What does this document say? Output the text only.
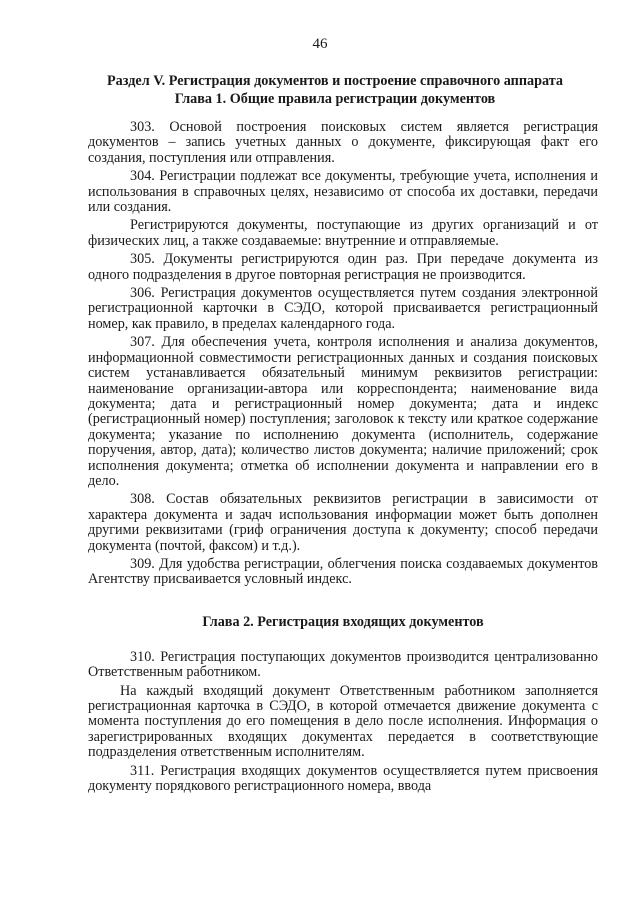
46
Раздел V. Регистрация документов и построение справочного аппарата
Глава 1. Общие правила регистрации документов

303. Основой построения поисковых систем является регистрация документов – запись учетных данных о документе, фиксирующая факт его создания, поступления или отправления.

304. Регистрации подлежат все документы, требующие учета, исполнения и использования в справочных целях, независимо от способа их доставки, передачи или создания.

Регистрируются документы, поступающие из других организаций и от физических лиц, а также создаваемые: внутренние и отправляемые.

305. Документы регистрируются один раз. При передаче документа из одного подразделения в другое повторная регистрация не производится.

306. Регистрация документов осуществляется путем создания электронной регистрационной карточки в СЭДО, которой присваивается регистрационный номер, как правило, в пределах календарного года.

307. Для обеспечения учета, контроля исполнения и анализа документов, информационной совместимости регистрационных данных и создания поисковых систем устанавливается обязательный минимум реквизитов регистрации: наименование организации-автора или корреспондента; наименование вида документа; дата и регистрационный номер документа; дата и индекс (регистрационный номер) поступления; заголовок к тексту или краткое содержание документа; указание по исполнению документа (исполнитель, содержание поручения, автор, дата); количество листов документа; наличие приложений; срок исполнения документа; отметка об исполнении документа и направлении его в дело.

308. Состав обязательных реквизитов регистрации в зависимости от характера документа и задач использования информации может быть дополнен другими реквизитами (гриф ограничения доступа к документу; способ передачи документа (почтой, факсом) и т.д.).

309. Для удобства регистрации, облегчения поиска создаваемых документов Агентству присваивается условный индекс.

Глава 2. Регистрация входящих документов

310. Регистрация поступающих документов производится централизованно Ответственным работником.

На каждый входящий документ Ответственным работником заполняется регистрационная карточка в СЭДО, в которой отмечается движение документа с момента поступления до его помещения в дело после исполнения. Информация о зарегистрированных входящих документах передается в соответствующие подразделения ответственным исполнителям.

311. Регистрация входящих документов осуществляется путем присвоения документу порядкового регистрационного номера, ввода
